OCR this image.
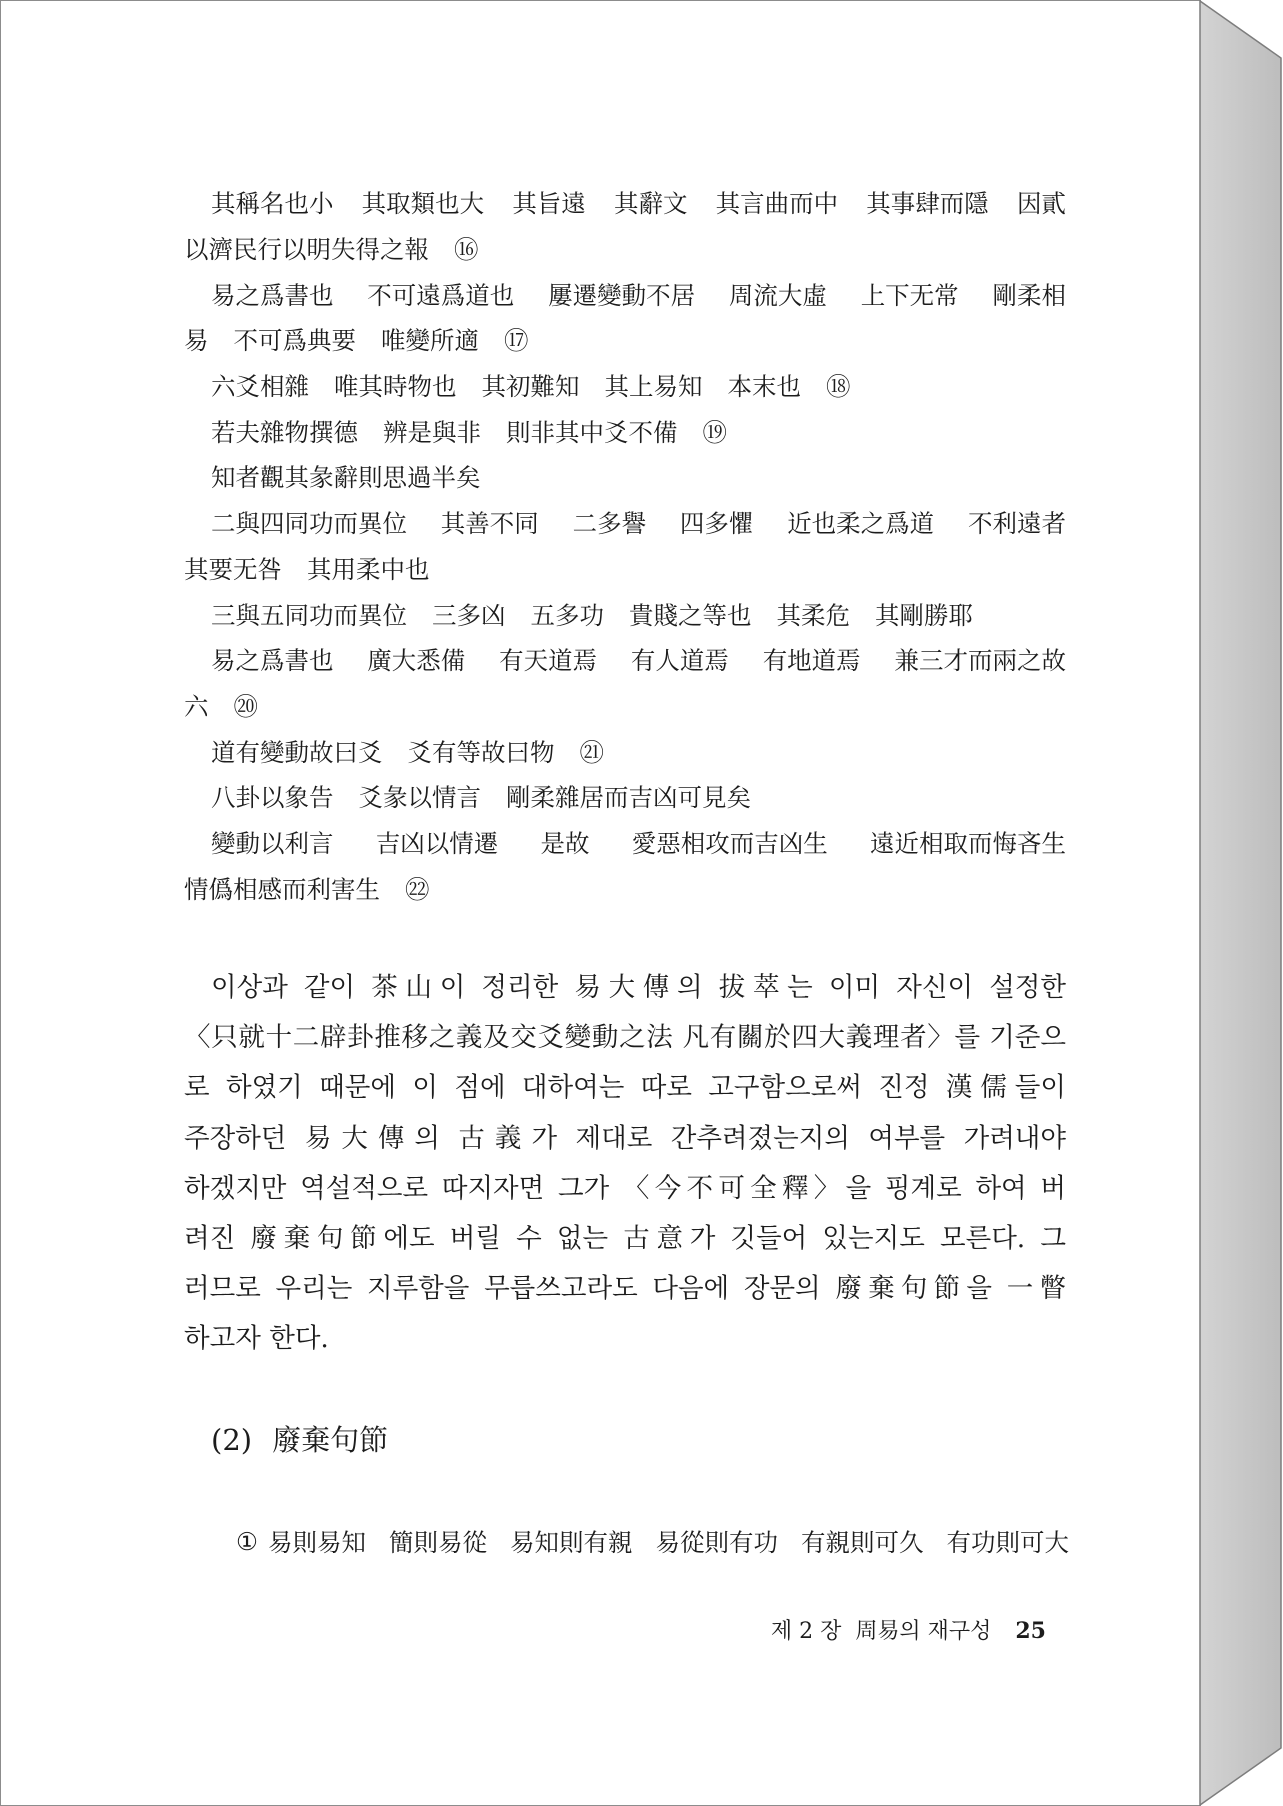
其稱名也小 其取類也大 其旨遠 其辭文 其言曲而中 其事肆而隱 因貳
以濟民行以明失得之報 ⑯
易之爲書也 不可遠爲道也 屢遷變動不居 周流大虛 上下无常 剛柔相
易 不可爲典要 唯變所適 ⑰
六爻相雜 唯其時物也 其初難知 其上易知 本末也 ⑱
若夫雜物撰德 辨是與非 則非其中爻不備 ⑲
知者觀其彖辭則思過半矣
二與四同功而異位 其善不同 二多譽 四多懼 近也柔之爲道 不利遠者
其要无咎 其用柔中也
三與五同功而異位 三多凶 五多功 貴賤之等也 其柔危 其剛勝耶
易之爲書也 廣大悉備 有天道焉 有人道焉 有地道焉 兼三才而兩之故
六 ⑳
道有變動故曰爻 爻有等故曰物 ㉑
八卦以象告 爻彖以情言 剛柔雜居而吉凶可見矣
變動以利言 吉凶以情遷 是故 愛惡相攻而吉凶生 遠近相取而悔吝生
情僞相感而利害生 ㉒
이상과 같이 茶山이 정리한 易大傳의 拔萃는 이미 자신이 설정한
〈只就十二辟卦推移之義及交爻變動之法 凡有關於四大義理者〉를 기준으
로 하였기 때문에 이 점에 대하여는 따로 고구함으로써 진정 漢儒들이
주장하던 易大傳의 古義가 제대로 간추려졌는지의 여부를 가려내야
하겠지만 역설적으로 따지자면 그가 〈今不可全釋〉을 핑계로 하여 버
려진 廢棄句節에도 버릴 수 없는 古意가 깃들어 있는지도 모른다. 그
러므로 우리는 지루함을 무릅쓰고라도 다음에 장문의 廢棄句節을 一瞥
하고자 한다.
(2) 廢棄句節
① 易則易知 簡則易從 易知則有親 易從則有功 有親則可久 有功則可大
제 2 장  周易의 재구성 25
